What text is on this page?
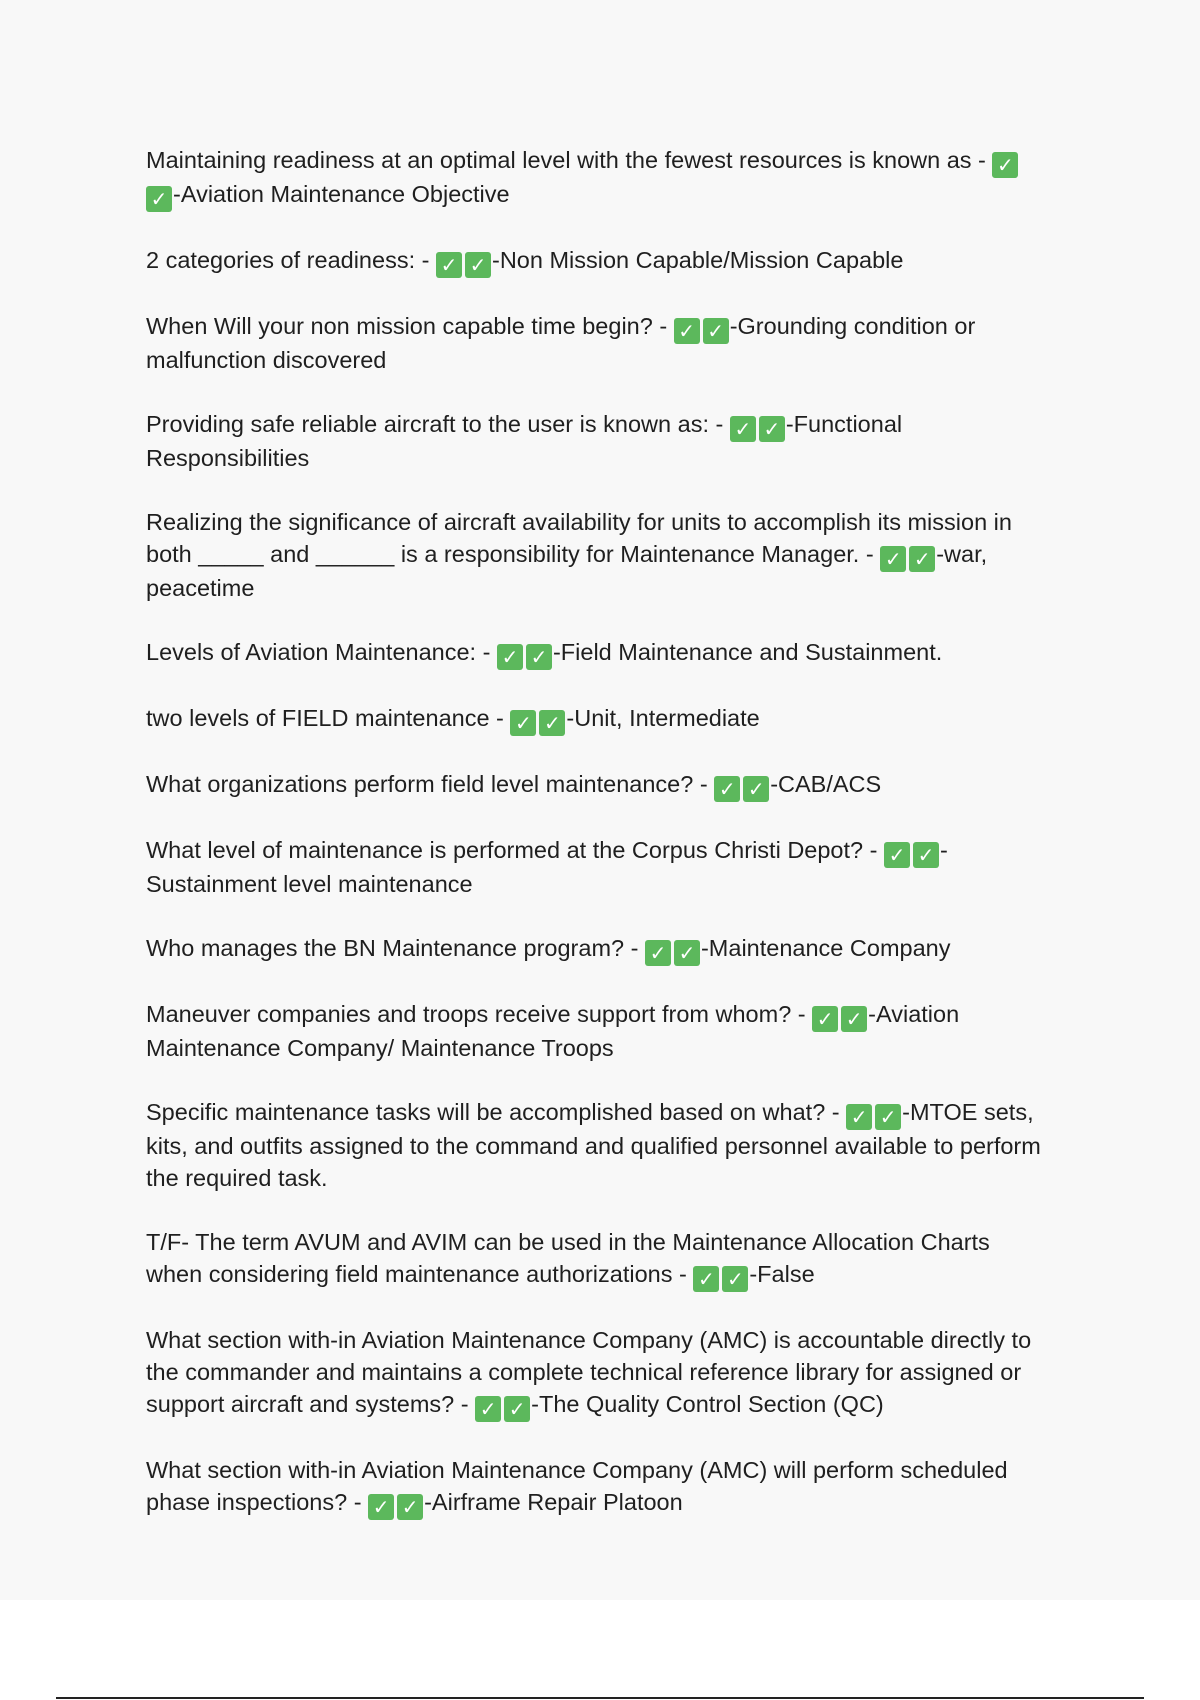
Maintaining readiness at an optimal level with the fewest resources is known as - ✓✓ -Aviation Maintenance Objective

2 categories of readiness: - ✓ ✓ -Non Mission Capable/Mission Capable

When Will your non mission capable time begin? - ✓ ✓ -Grounding condition or malfunction discovered

Providing safe reliable aircraft to the user is known as: - ✓ ✓ -Functional Responsibilities

Realizing the significance of aircraft availability for units to accomplish its mission in both _____ and ______ is a responsibility for Maintenance Manager. - ✓ ✓ -war, peacetime

Levels of Aviation Maintenance: - ✓ ✓ -Field Maintenance and Sustainment.

two levels of FIELD maintenance - ✓ ✓ -Unit, Intermediate

What organizations perform field level maintenance? - ✓ ✓ -CAB/ACS

What level of maintenance is performed at the Corpus Christi Depot? - ✓ ✓ -Sustainment level maintenance

Who manages the BN Maintenance program? - ✓ ✓ -Maintenance Company

Maneuver companies and troops receive support from whom? - ✓ ✓ -Aviation Maintenance Company/ Maintenance Troops

Specific maintenance tasks will be accomplished based on what? - ✓ ✓ -MTOE sets, kits, and outfits assigned to the command and qualified personnel available to perform the required task.

T/F- The term AVUM and AVIM can be used in the Maintenance Allocation Charts when considering field maintenance authorizations - ✓ ✓ -False

What section with-in Aviation Maintenance Company (AMC) is accountable directly to the commander and maintains a complete technical reference library for assigned or support aircraft and systems? - ✓ ✓ -The Quality Control Section (QC)

What section with-in Aviation Maintenance Company (AMC) will perform scheduled phase inspections? - ✓ ✓ -Airframe Repair Platoon
